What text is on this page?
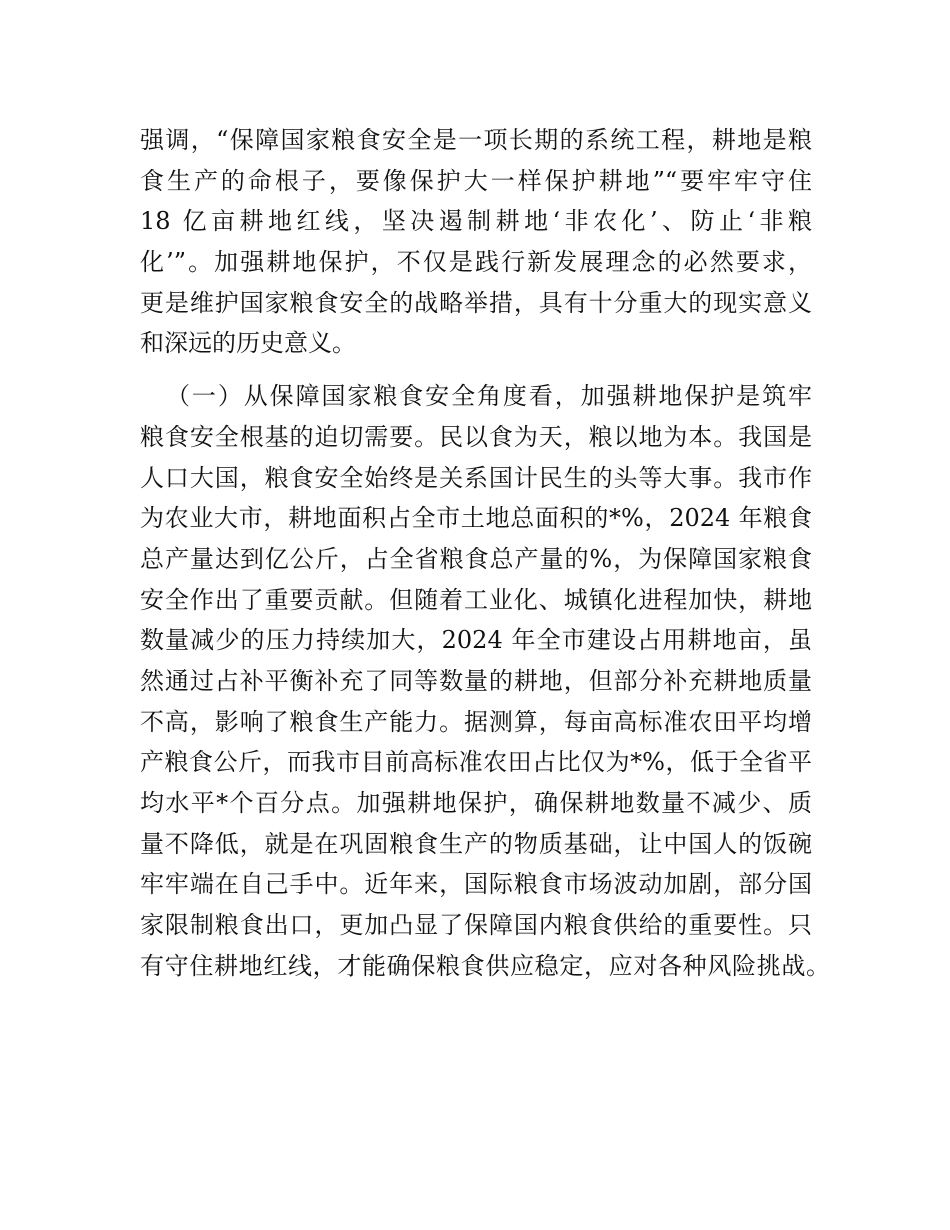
强调，“保障国家粮食安全是一项长期的系统工程，耕地是粮
食生产的命根子，要像保护大一样保护耕地”“要牢牢守住
18 亿亩耕地红线，坚决遏制耕地‘非农化’、防止‘非粮
化’”。加强耕地保护，不仅是践行新发展理念的必然要求，
更是维护国家粮食安全的战略举措，具有十分重大的现实意义
和深远的历史意义。

（一）从保障国家粮食安全角度看，加强耕地保护是筑牢
粮食安全根基的迫切需要。民以食为天，粮以地为本。我国是
人口大国，粮食安全始终是关系国计民生的头等大事。我市作
为农业大市，耕地面积占全市土地总面积的*%，2024 年粮食
总产量达到亿公斤，占全省粮食总产量的%，为保障国家粮食
安全作出了重要贡献。但随着工业化、城镇化进程加快，耕地
数量减少的压力持续加大，2024 年全市建设占用耕地亩，虽
然通过占补平衡补充了同等数量的耕地，但部分补充耕地质量
不高，影响了粮食生产能力。据测算，每亩高标准农田平均增
产粮食公斤，而我市目前高标准农田占比仅为*%，低于全省平
均水平*个百分点。加强耕地保护，确保耕地数量不减少、质
量不降低，就是在巩固粮食生产的物质基础，让中国人的饭碗
牢牢端在自己手中。近年来，国际粮食市场波动加剧，部分国
家限制粮食出口，更加凸显了保障国内粮食供给的重要性。只
有守住耕地红线，才能确保粮食供应稳定，应对各种风险挑战。
